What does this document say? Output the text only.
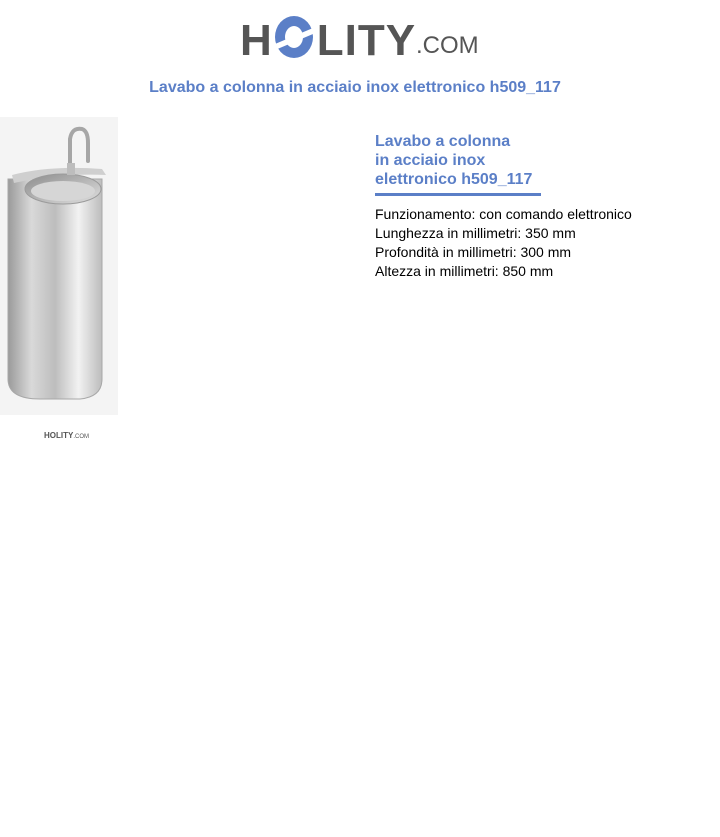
H LITY .COM
Lavabo a colonna in acciaio inox elettronico h509_117
HOLITY.COM
Lavabo a colonna
in acciaio inox
elettronico h509_117
Funzionamento: con comando elettronico
Lunghezza in millimetri: 350 mm
Profondità in millimetri: 300 mm
Altezza in millimetri: 850 mm
